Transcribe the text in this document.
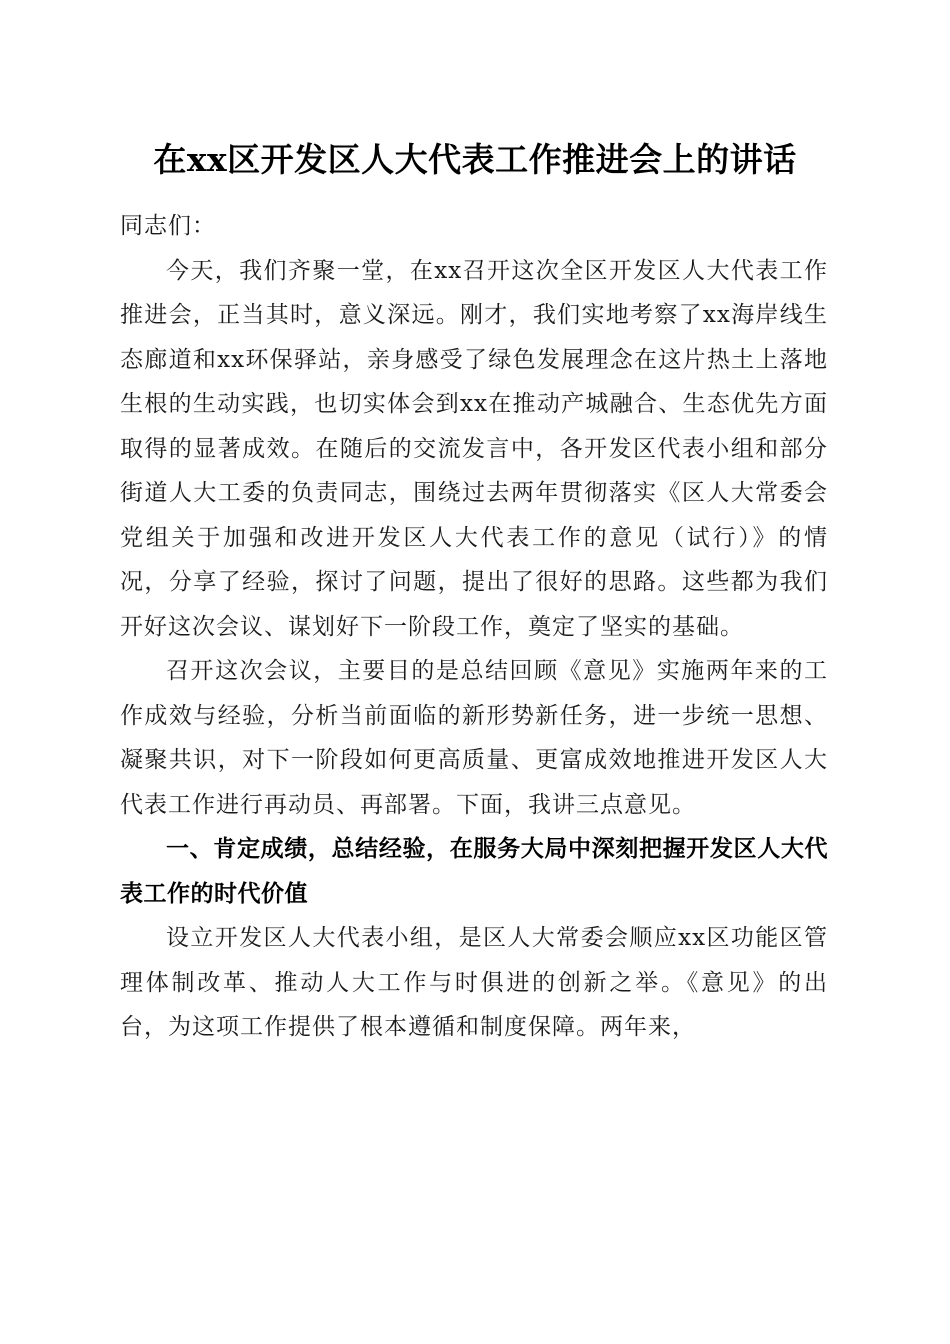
在xx区开发区人大代表工作推进会上的讲话

同志们：

今天，我们齐聚一堂，在xx召开这次全区开发区人大代表工作推进会，正当其时，意义深远。刚才，我们实地考察了xx海岸线生态廊道和xx环保驿站，亲身感受了绿色发展理念在这片热土上落地生根的生动实践，也切实体会到xx在推动产城融合、生态优先方面取得的显著成效。在随后的交流发言中，各开发区代表小组和部分街道人大工委的负责同志，围绕过去两年贯彻落实《区人大常委会党组关于加强和改进开发区人大代表工作的意见（试行）》的情况，分享了经验，探讨了问题，提出了很好的思路。这些都为我们开好这次会议、谋划好下一阶段工作，奠定了坚实的基础。

召开这次会议，主要目的是总结回顾《意见》实施两年来的工作成效与经验，分析当前面临的新形势新任务，进一步统一思想、凝聚共识，对下一阶段如何更高质量、更富成效地推进开发区人大代表工作进行再动员、再部署。下面，我讲三点意见。

一、肯定成绩，总结经验，在服务大局中深刻把握开发区人大代表工作的时代价值

设立开发区人大代表小组，是区人大常委会顺应xx区功能区管理体制改革、推动人大工作与时俱进的创新之举。《意见》的出台，为这项工作提供了根本遵循和制度保障。两年来，
